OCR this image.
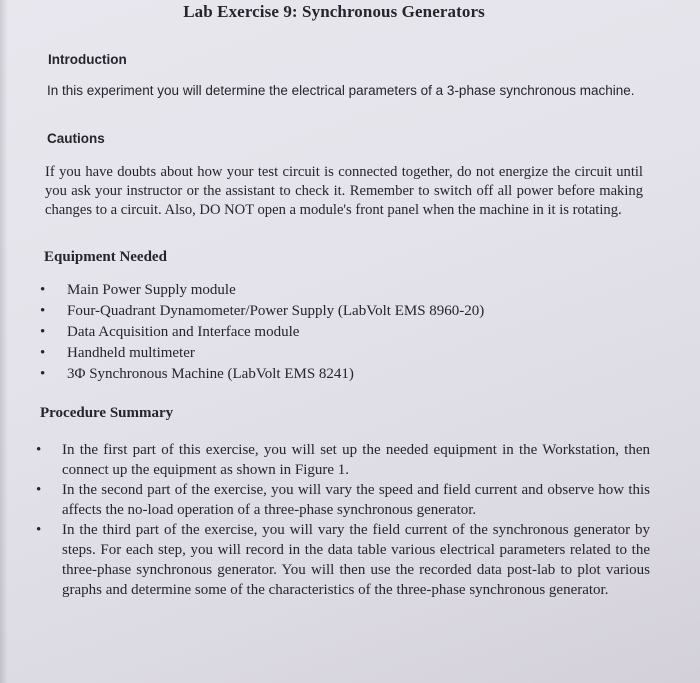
Lab Exercise 9: Synchronous Generators
Introduction
In this experiment you will determine the electrical parameters of a 3-phase synchronous machine.
Cautions
If you have doubts about how your test circuit is connected together, do not energize the circuit until you ask your instructor or the assistant to check it. Remember to switch off all power before making changes to a circuit. Also, DO NOT open a module's front panel when the machine in it is rotating.
Equipment Needed
• Main Power Supply module
• Four-Quadrant Dynamometer/Power Supply (LabVolt EMS 8960-20)
• Data Acquisition and Interface module
• Handheld multimeter
• 3Φ Synchronous Machine (LabVolt EMS 8241)
Procedure Summary
• In the first part of this exercise, you will set up the needed equipment in the Workstation, then connect up the equipment as shown in Figure 1.
• In the second part of the exercise, you will vary the speed and field current and observe how this affects the no-load operation of a three-phase synchronous generator.
• In the third part of the exercise, you will vary the field current of the synchronous generator by steps. For each step, you will record in the data table various electrical parameters related to the three-phase synchronous generator. You will then use the recorded data post-lab to plot various graphs and determine some of the characteristics of the three-phase synchronous generator.
